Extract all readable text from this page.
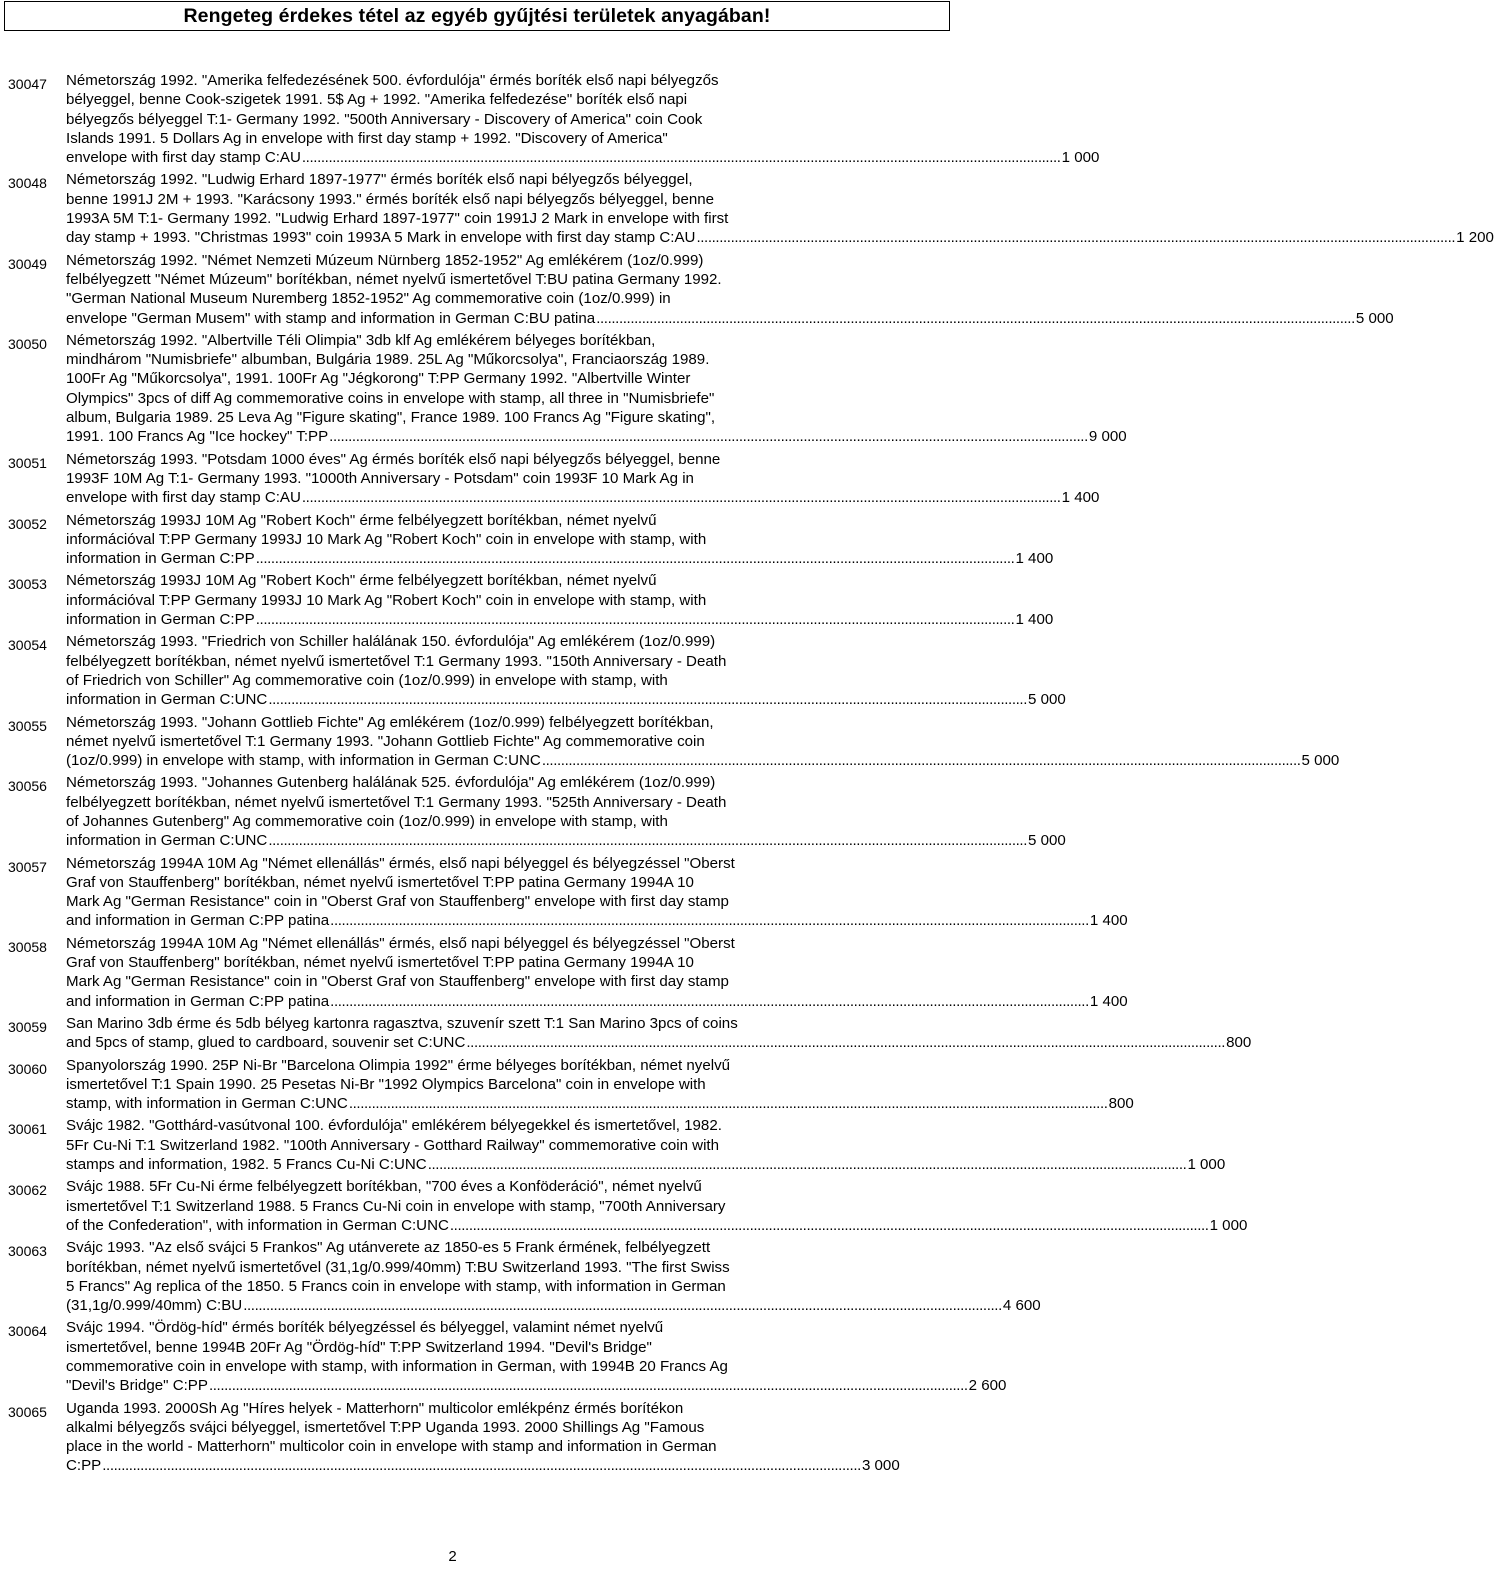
Rengeteg érdekes tétel az egyéb gyűjtési területek anyagában!
30047 Németország 1992. "Amerika felfedezésének 500. évfordulója" érmés boríték első napi bélyegzős
bélyeggel, benne Cook-szigetek 1991. 5$ Ag + 1992. "Amerika felfedezése" boríték első napi
bélyegzős bélyeggel T:1- Germany 1992. "500th Anniversary - Discovery of America" coin Cook
Islands 1991. 5 Dollars Ag in envelope with first day stamp + 1992. "Discovery of America"
envelope with first day stamp C:AU ........................................................................................................................................................................................................ 1 000
30048 Németország 1992. "Ludwig Erhard 1897-1977" érmés boríték első napi bélyegzős bélyeggel,
benne 1991J 2M + 1993. "Karácsony 1993." érmés boríték első napi bélyegzős bélyeggel, benne
1993A 5M T:1- Germany 1992. "Ludwig Erhard 1897-1977" coin 1991J 2 Mark in envelope with first
day stamp + 1993. "Christmas 1993" coin 1993A 5 Mark in envelope with first day stamp C:AU ........................................................................................................................................................................................................ 1 200
30049 Németország 1992. "Német Nemzeti Múzeum Nürnberg 1852-1952" Ag emlékérem (1oz/0.999)
felbélyegzett "Német Múzeum" borítékban, német nyelvű ismertetővel T:BU patina Germany 1992.
"German National Museum Nuremberg 1852-1952" Ag commemorative coin (1oz/0.999) in
envelope "German Musem" with stamp and information in German C:BU patina ........................................................................................................................................................................................................ 5 000
30050 Németország 1992. "Albertville Téli Olimpia" 3db klf Ag emlékérem bélyeges borítékban,
mindhárom "Numisbriefe" albumban, Bulgária 1989. 25L Ag "Műkorcsolya", Franciaország 1989.
100Fr Ag "Műkorcsolya", 1991. 100Fr Ag "Jégkorong" T:PP Germany 1992. "Albertville Winter
Olympics" 3pcs of diff Ag commemorative coins in envelope with stamp, all three in "Numisbriefe"
album, Bulgaria 1989. 25 Leva Ag "Figure skating", France 1989. 100 Francs Ag "Figure skating",
1991. 100 Francs Ag "Ice hockey" T:PP ........................................................................................................................................................................................................ 9 000
30051 Németország 1993. "Potsdam 1000 éves" Ag érmés boríték első napi bélyegzős bélyeggel, benne
1993F 10M Ag T:1- Germany 1993. "1000th Anniversary - Potsdam" coin 1993F 10 Mark Ag in
envelope with first day stamp C:AU ........................................................................................................................................................................................................ 1 400
30052 Németország 1993J 10M Ag "Robert Koch" érme felbélyegzett borítékban, német nyelvű
információval T:PP Germany 1993J 10 Mark Ag "Robert Koch" coin in envelope with stamp, with
information in German C:PP ........................................................................................................................................................................................................ 1 400
30053 Németország 1993J 10M Ag "Robert Koch" érme felbélyegzett borítékban, német nyelvű
információval T:PP Germany 1993J 10 Mark Ag "Robert Koch" coin in envelope with stamp, with
information in German C:PP ........................................................................................................................................................................................................ 1 400
30054 Németország 1993. "Friedrich von Schiller halálának 150. évfordulója" Ag emlékérem (1oz/0.999)
felbélyegzett borítékban, német nyelvű ismertetővel T:1 Germany 1993. "150th Anniversary - Death
of Friedrich von Schiller" Ag commemorative coin (1oz/0.999) in envelope with stamp, with
information in German C:UNC ........................................................................................................................................................................................................ 5 000
30055 Németország 1993. "Johann Gottlieb Fichte" Ag emlékérem (1oz/0.999) felbélyegzett borítékban,
német nyelvű ismertetővel T:1 Germany 1993. "Johann Gottlieb Fichte" Ag commemorative coin
(1oz/0.999) in envelope with stamp, with information in German C:UNC ........................................................................................................................................................................................................ 5 000
30056 Németország 1993. "Johannes Gutenberg halálának 525. évfordulója" Ag emlékérem (1oz/0.999)
felbélyegzett borítékban, német nyelvű ismertetővel T:1 Germany 1993. "525th Anniversary - Death
of Johannes Gutenberg" Ag commemorative coin (1oz/0.999) in envelope with stamp, with
information in German C:UNC ........................................................................................................................................................................................................ 5 000
30057 Németország 1994A 10M Ag "Német ellenállás" érmés, első napi bélyeggel és bélyegzéssel "Oberst
Graf von Stauffenberg" borítékban, német nyelvű ismertetővel T:PP patina Germany 1994A 10
Mark Ag "German Resistance" coin in "Oberst Graf von Stauffenberg" envelope with first day stamp
and information in German C:PP patina ........................................................................................................................................................................................................ 1 400
30058 Németország 1994A 10M Ag "Német ellenállás" érmés, első napi bélyeggel és bélyegzéssel "Oberst
Graf von Stauffenberg" borítékban, német nyelvű ismertetővel T:PP patina Germany 1994A 10
Mark Ag "German Resistance" coin in "Oberst Graf von Stauffenberg" envelope with first day stamp
and information in German C:PP patina ........................................................................................................................................................................................................ 1 400
30059 San Marino 3db érme és 5db bélyeg kartonra ragasztva, szuvenír szett T:1 San Marino 3pcs of coins
and 5pcs of stamp, glued to cardboard, souvenir set C:UNC ........................................................................................................................................................................................................ 800
30060 Spanyolország 1990. 25P Ni-Br "Barcelona Olimpia 1992" érme bélyeges borítékban, német nyelvű
ismertetővel T:1 Spain 1990. 25 Pesetas Ni-Br "1992 Olympics Barcelona" coin in envelope with
stamp, with information in German C:UNC ........................................................................................................................................................................................................ 800
30061 Svájc 1982. "Gotthárd-vasútvonal 100. évfordulója" emlékérem bélyegekkel és ismertetővel, 1982.
5Fr Cu-Ni T:1 Switzerland 1982. "100th Anniversary - Gotthard Railway" commemorative coin with
stamps and information, 1982. 5 Francs Cu-Ni C:UNC ........................................................................................................................................................................................................ 1 000
30062 Svájc 1988. 5Fr Cu-Ni érme felbélyegzett borítékban, "700 éves a Konföderáció", német nyelvű
ismertetővel T:1 Switzerland 1988. 5 Francs Cu-Ni coin in envelope with stamp, "700th Anniversary
of the Confederation", with information in German C:UNC ........................................................................................................................................................................................................ 1 000
30063 Svájc 1993. "Az első svájci 5 Frankos" Ag utánverete az 1850-es 5 Frank érmének, felbélyegzett
borítékban, német nyelvű ismertetővel (31,1g/0.999/40mm) T:BU Switzerland 1993. "The first Swiss
5 Francs" Ag replica of the 1850. 5 Francs coin in envelope with stamp, with information in German
(31,1g/0.999/40mm) C:BU ........................................................................................................................................................................................................ 4 600
30064 Svájc 1994. "Ördög-híd" érmés boríték bélyegzéssel és bélyeggel, valamint német nyelvű
ismertetővel, benne 1994B 20Fr Ag "Ördög-híd" T:PP Switzerland 1994. "Devil's Bridge"
commemorative coin in envelope with stamp, with information in German, with 1994B 20 Francs Ag
"Devil's Bridge" C:PP ........................................................................................................................................................................................................ 2 600
30065 Uganda 1993. 2000Sh Ag "Híres helyek - Matterhorn" multicolor emlékpénz érmés borítékon
alkalmi bélyegzős svájci bélyeggel, ismertetővel T:PP Uganda 1993. 2000 Shillings Ag "Famous
place in the world - Matterhorn" multicolor coin in envelope with stamp and information in German
C:PP ........................................................................................................................................................................................................ 3 000
2
